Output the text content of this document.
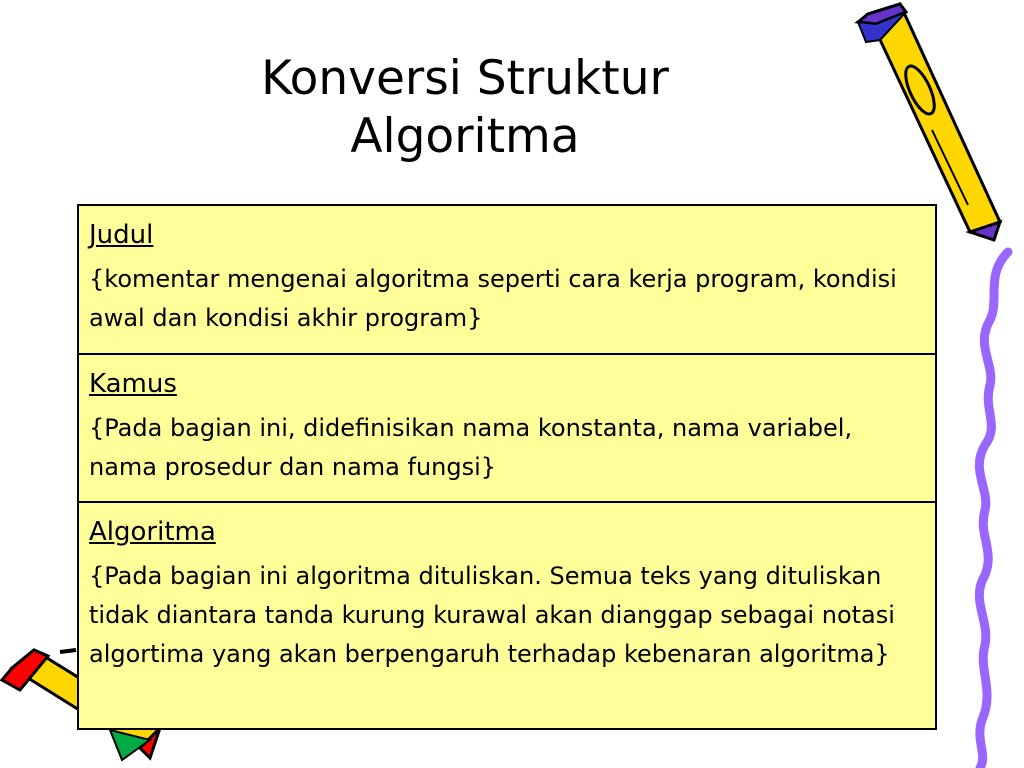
Konversi Struktur
Algoritma
Judul

{komentar mengenai algoritma seperti cara kerja program, kondisi awal dan kondisi akhir program}

Kamus

{Pada bagian ini, didefinisikan nama konstanta, nama variabel, nama prosedur dan nama fungsi}

Algoritma

{Pada bagian ini algoritma dituliskan. Semua teks yang dituliskan tidak diantara tanda kurung kurawal akan dianggap sebagai notasi algortima yang akan berpengaruh terhadap kebenaran algoritma}
